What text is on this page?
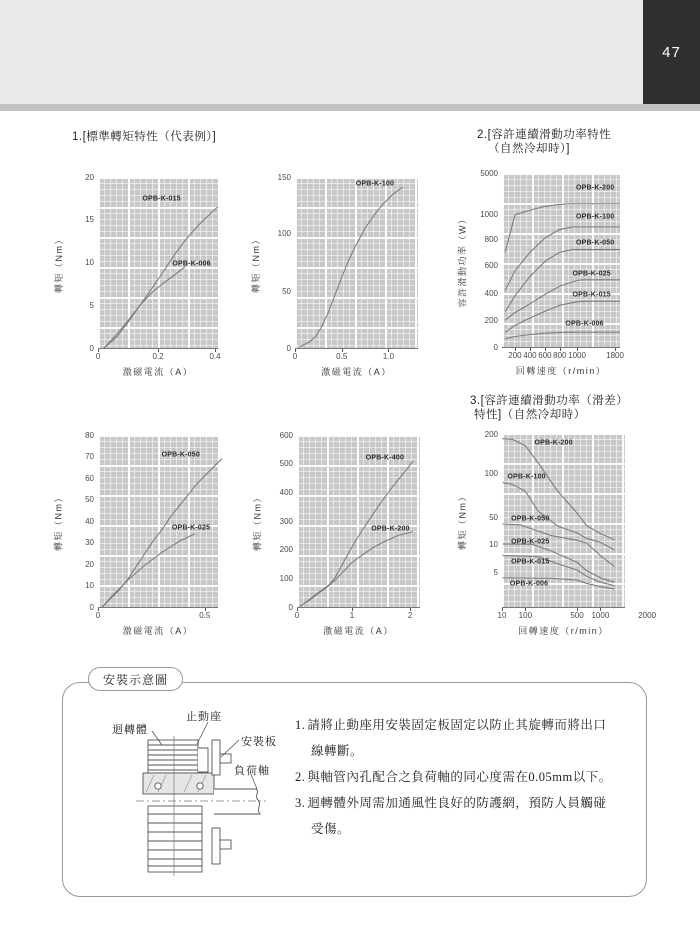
47
1.[標準轉矩特性（代表例）]	2.[容許連續滑動功率特性
（自然冷却時）]
3.[容許連續滑動功率（滑差）
特性]（自然冷却時）
OPB-K-015
OPB-K-006
0
5
10
15
20
0	0.2	0.4
轉矩（Nm）
激磁電流（A）
OPB-K-100
0
50
100
150
0	0.5	1.0
轉矩（Nm）
激磁電流（A）
OPB-K-200
OPB-K-100
OPB-K-050
OPB-K-025
OPB-K-015
OPB-K-006
0
200
400
600
800
1000
5000
200 400 600 800 1000	1800
容許滑動功率（W）
回轉速度（r/min）
OPB-K-050
OPB-K-025
0
10
20
30
40
50
60
70
80
0	0.5
轉矩（Nm）
激磁電流（A）
OPB-K-400
OPB-K-200
0
100
200
300
400
500
600
0	1	2
轉矩（Nm）
激磁電流（A）
OPB-K-200
OPB-K-100
OPB-K-050
OPB-K-025
OPB-K-015
OPB-K-006
5
10
50
100
200
10	100	500 1000	2000
轉矩（Nm）
回轉速度（r/min）
安裝示意圖
迴轉體
止動座
安裝板
負荷軸
1. 請將止動座用安裝固定板固定以防止其旋轉而將出口
線轉斷。
2. 與軸管內孔配合之負荷軸的同心度需在0.05mm以下。
3. 迴轉體外周需加通風性良好的防護網，預防人員觸碰
受傷。
